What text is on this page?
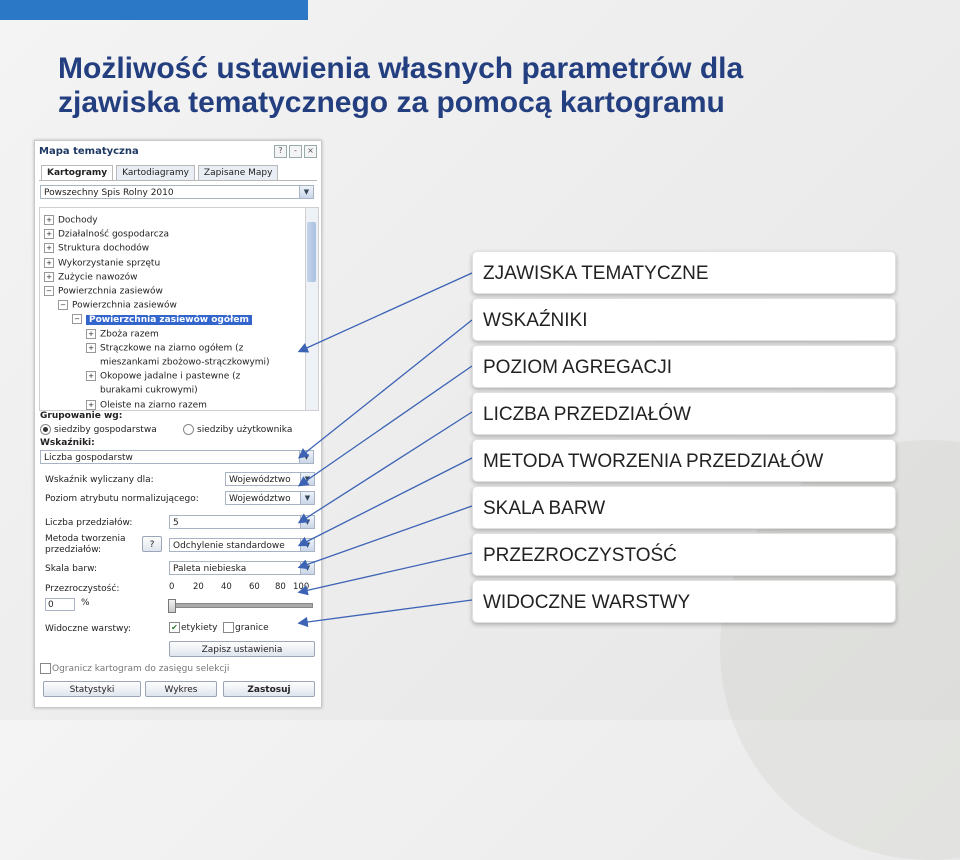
Możliwość ustawienia własnych parametrów dla
zjawiska tematycznego za pomocą kartogramu
Mapa tematyczna	?	-	×
Kartogramy	Kartodiagramy	Zapisane Mapy
Powszechny Spis Rolny 2010	▼
+ Dochody
+ Działalność gospodarcza
+ Struktura dochodów
+ Wykorzystanie sprzętu
+ Zużycie nawozów
− Powierzchnia zasiewów
− Powierzchnia zasiewów
− Powierzchnia zasiewów ogółem
+ Zboża razem
+ Strączkowe na ziarno ogółem (z
mieszankami zbożowo-strączkowymi)
+ Okopowe jadalne i pastewne (z
burakami cukrowymi)
+ Oleiste na ziarno razem
Grupowanie wg:
siedziby gospodarstwa	siedziby użytkownika
Wskaźniki:
Liczba gospodarstw	▼
Wskaźnik wyliczany dla:	Województwo	▼
Poziom atrybutu normalizującego:	Województwo	▼
Liczba przedziałów:	5	▼
Metoda tworzenia
przedziałów:	?	Odchylenie standardowe	▼
Skala barw:	Paleta niebieska	▼
Przezroczystość:
0	%
0 20 40 60 80 100
Widoczne warstwy:	✔ etykiety	granice
Zapisz ustawienia
Ogranicz kartogram do zasięgu selekcji
Statystyki	Wykres	Zastosuj
ZJAWISKA TEMATYCZNE
WSKAŹNIKI
POZIOM AGREGACJI
LICZBA PRZEDZIAŁÓW
METODA TWORZENIA PRZEDZIAŁÓW
SKALA BARW
PRZEZROCZYSTOŚĆ
WIDOCZNE WARSTWY
